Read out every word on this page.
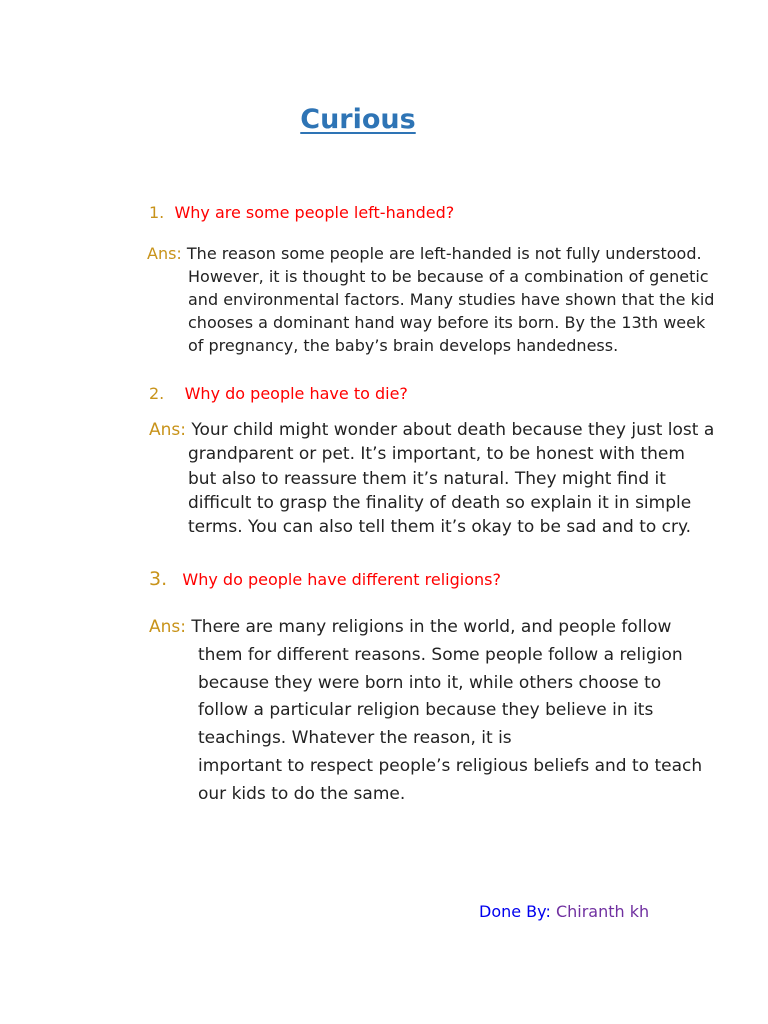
Curious
1. Why are some people left-handed?
Ans: The reason some people are left-handed is not fully understood.
However, it is thought to be because of a combination of genetic
and environmental factors. Many studies have shown that the kid
chooses a dominant hand way before its born. By the 13th week
of pregnancy, the baby’s brain develops handedness.
2. Why do people have to die?
Ans: Your child might wonder about death because they just lost a
grandparent or pet. It’s important, to be honest with them
but also to reassure them it’s natural. They might find it
difficult to grasp the finality of death so explain it in simple
terms. You can also tell them it’s okay to be sad and to cry.
3. Why do people have different religions?
Ans: There are many religions in the world, and people follow
them for different reasons. Some people follow a religion
because they were born into it, while others choose to
follow a particular religion because they believe in its
teachings. Whatever the reason, it is
important to respect people’s religious beliefs and to teach
our kids to do the same.
Done By: Chiranth kh
